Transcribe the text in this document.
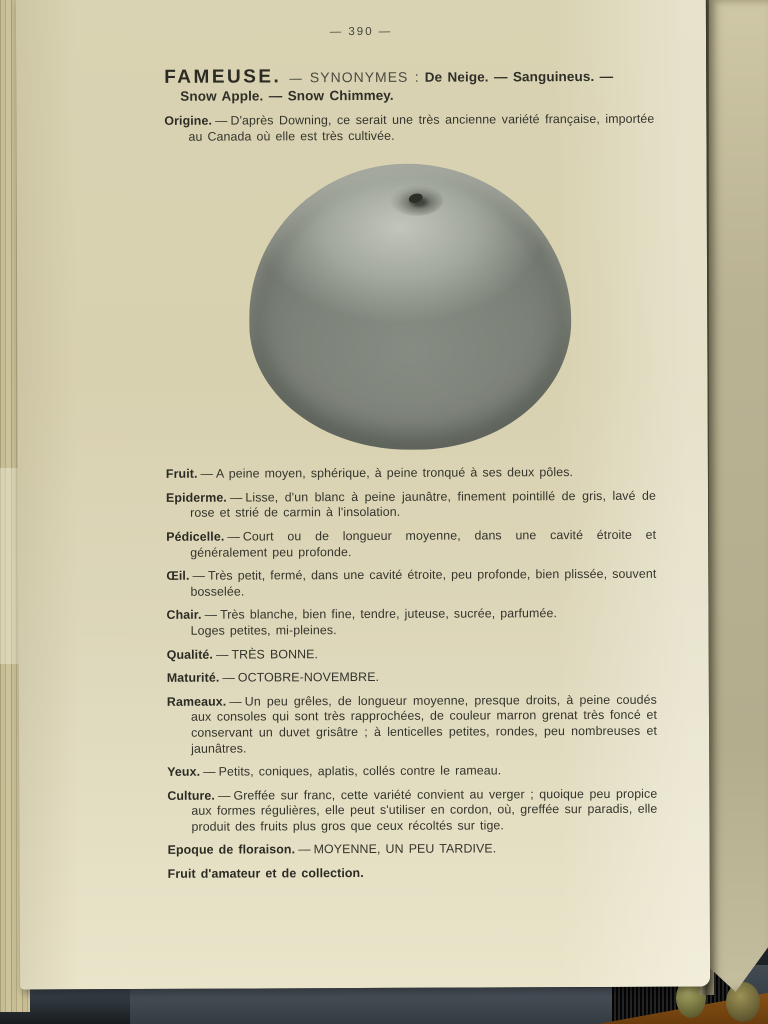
— 390 —

FAMEUSE. — SYNONYMES : De Neige. — Sanguineus. — Snow Apple. — Snow Chimmey.

Origine. — D'après Downing, ce serait une très ancienne variété française, importée au Canada où elle est très cultivée.

Fruit. — A peine moyen, sphérique, à peine tronqué à ses deux pôles.

Epiderme. — Lisse, d'un blanc à peine jaunâtre, finement pointillé de gris, lavé de rose et strié de carmin à l'insolation.

Pédicelle. — Court ou de longueur moyenne, dans une cavité étroite et généralement peu profonde.

Œil. — Très petit, fermé, dans une cavité étroite, peu profonde, bien plissée, souvent bosselée.

Chair. — Très blanche, bien fine, tendre, juteuse, sucrée, parfumée.
Loges petites, mi-pleines.

Qualité. — TRÈS BONNE.

Maturité. — OCTOBRE-NOVEMBRE.

Rameaux. — Un peu grêles, de longueur moyenne, presque droits, à peine coudés aux consoles qui sont très rapprochées, de couleur marron grenat très foncé et conservant un duvet grisâtre ; à lenticelles petites, rondes, peu nombreuses et jaunâtres.

Yeux. — Petits, coniques, aplatis, collés contre le rameau.

Culture. — Greffée sur franc, cette variété convient au verger ; quoique peu propice aux formes régulières, elle peut s'utiliser en cordon, où, greffée sur paradis, elle produit des fruits plus gros que ceux récoltés sur tige.

Epoque de floraison. — MOYENNE, UN PEU TARDIVE.

Fruit d'amateur et de collection.
